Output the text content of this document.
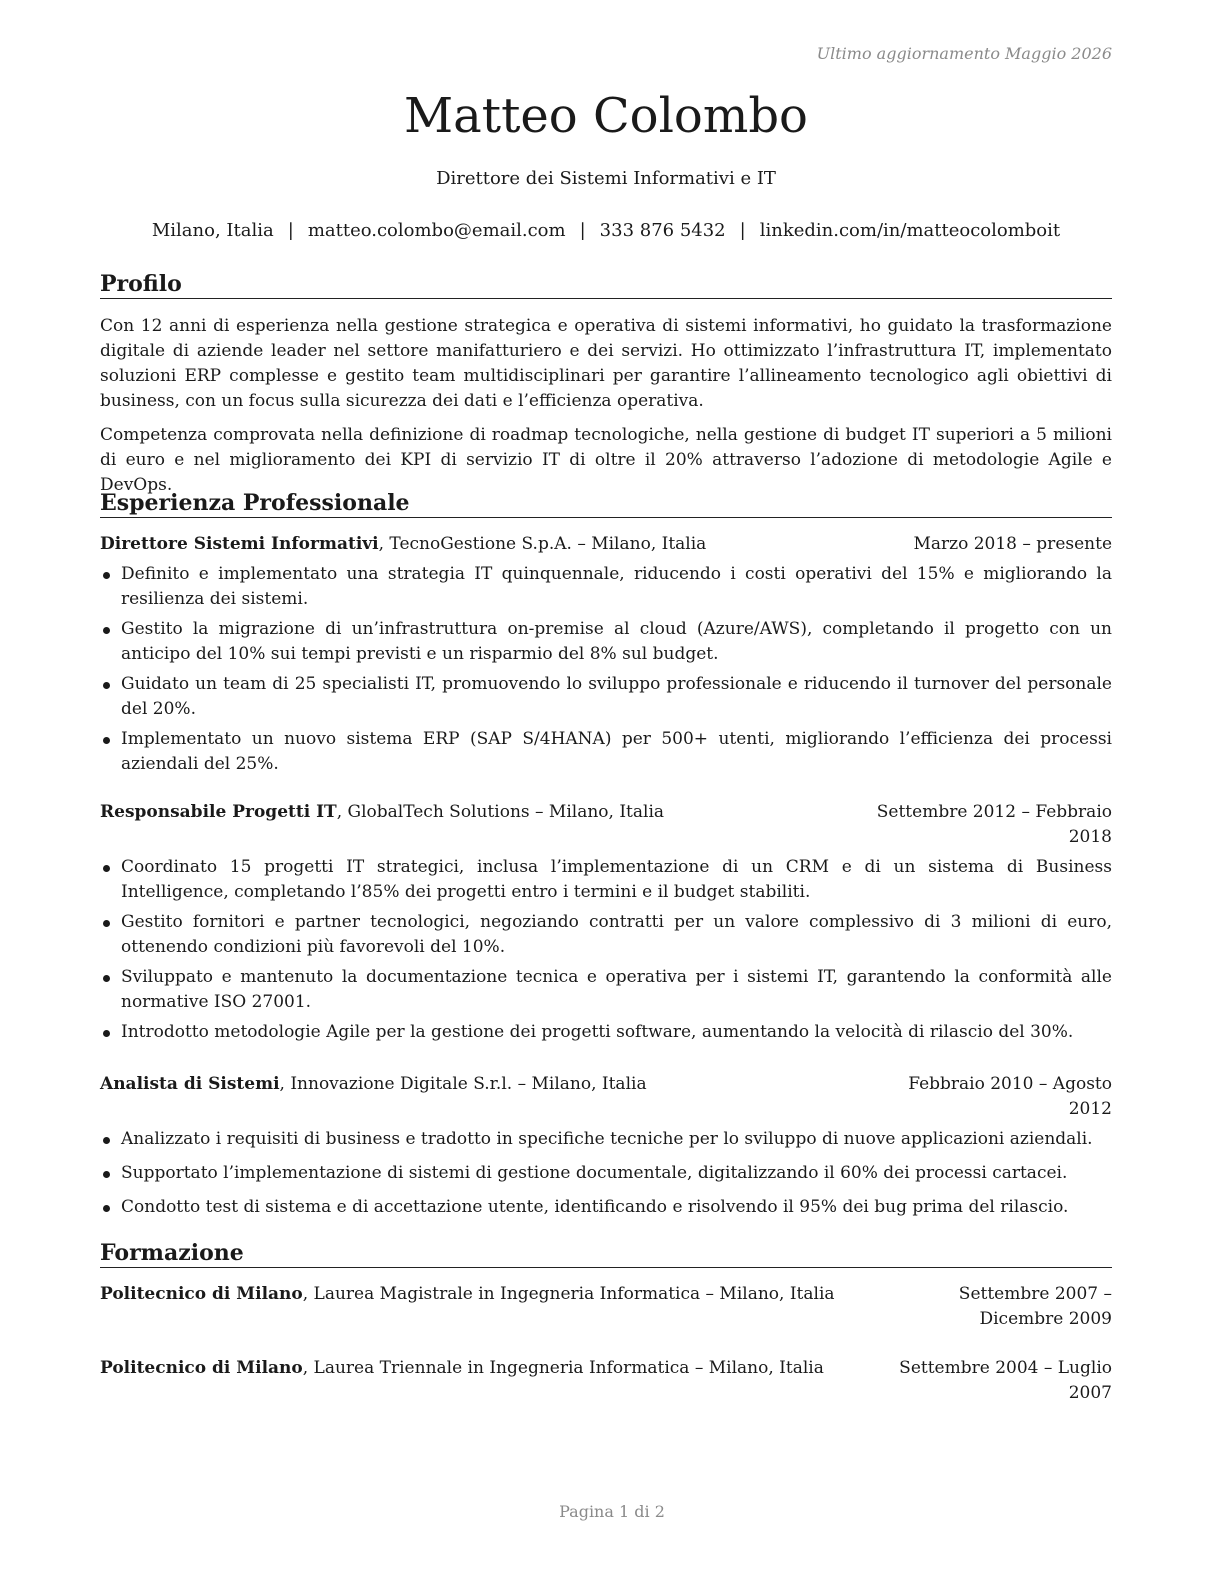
Ultimo aggiornamento Maggio 2026
Matteo Colombo
Direttore dei Sistemi Informativi e IT
Milano, Italia | matteo.colombo@email.com | 333 876 5432 | linkedin.com/in/matteocolomboit
Profilo
Con 12 anni di esperienza nella gestione strategica e operativa di sistemi informativi, ho guidato la trasformazione digitale di aziende leader nel settore manifatturiero e dei servizi. Ho ottimizzato l’infrastruttura IT, implementato soluzioni ERP complesse e gestito team multidisciplinari per garantire l’allineamento tecnologico agli obiettivi di business, con un focus sulla sicurezza dei dati e l’efficienza operativa.
Competenza comprovata nella definizione di roadmap tecnologiche, nella gestione di budget IT superiori a 5 milioni di euro e nel miglioramento dei KPI di servizio IT di oltre il 20% attraverso l’adozione di metodologie Agile e DevOps.
Esperienza Professionale
Direttore Sistemi Informativi, TecnoGestione S.p.A. – Milano, Italia	Marzo 2018 – presente
Definito e implementato una strategia IT quinquennale, riducendo i costi operativi del 15% e migliorando la resilienza dei sistemi.
Gestito la migrazione di un’infrastruttura on-premise al cloud (Azure/AWS), completando il progetto con un anticipo del 10% sui tempi previsti e un risparmio del 8% sul budget.
Guidato un team di 25 specialisti IT, promuovendo lo sviluppo professionale e riducendo il turnover del personale del 20%.
Implementato un nuovo sistema ERP (SAP S/4HANA) per 500+ utenti, migliorando l’efficienza dei processi aziendali del 25%.
Responsabile Progetti IT, GlobalTech Solutions – Milano, Italia	Settembre 2012 – Febbraio 2018
Coordinato 15 progetti IT strategici, inclusa l’implementazione di un CRM e di un sistema di Business Intelligence, completando l’85% dei progetti entro i termini e il budget stabiliti.
Gestito fornitori e partner tecnologici, negoziando contratti per un valore complessivo di 3 milioni di euro, ottenendo condizioni più favorevoli del 10%.
Sviluppato e mantenuto la documentazione tecnica e operativa per i sistemi IT, garantendo la conformità alle normative ISO 27001.
Introdotto metodologie Agile per la gestione dei progetti software, aumentando la velocità di rilascio del 30%.
Analista di Sistemi, Innovazione Digitale S.r.l. – Milano, Italia	Febbraio 2010 – Agosto 2012
Analizzato i requisiti di business e tradotto in specifiche tecniche per lo sviluppo di nuove applicazioni aziendali.
Supportato l’implementazione di sistemi di gestione documentale, digitalizzando il 60% dei processi cartacei.
Condotto test di sistema e di accettazione utente, identificando e risolvendo il 95% dei bug prima del rilascio.
Formazione
Politecnico di Milano, Laurea Magistrale in Ingegneria Informatica – Milano, Italia	Settembre 2007 – Dicembre 2009
Politecnico di Milano, Laurea Triennale in Ingegneria Informatica – Milano, Italia	Settembre 2004 – Luglio 2007
Pagina 1 di 2
